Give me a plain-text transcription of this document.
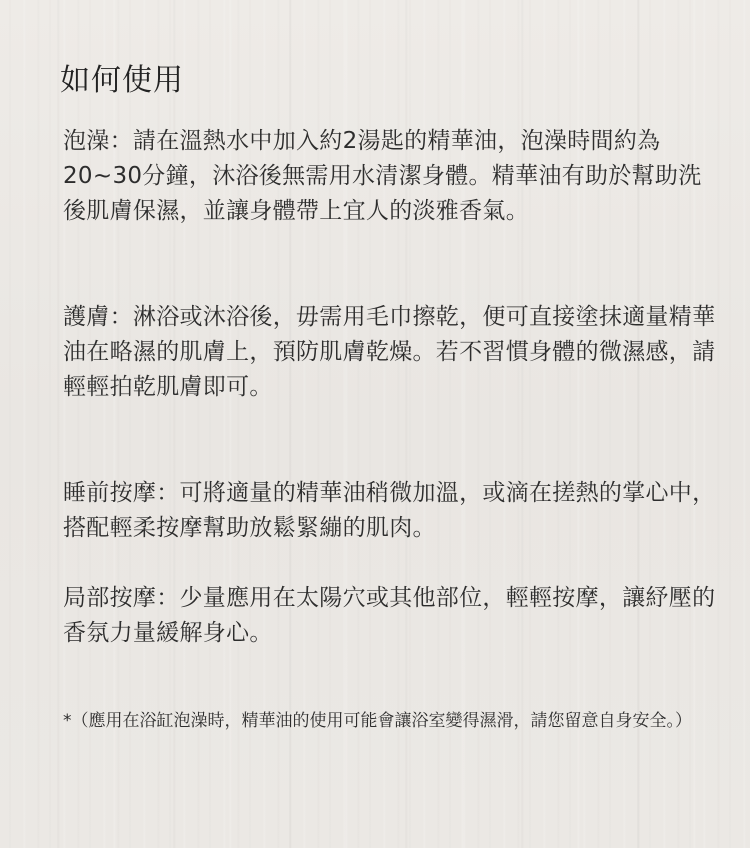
如何使用

泡澡：請在溫熱水中加入約2湯匙的精華油，泡澡時間約為20~30分鐘，沐浴後無需用水清潔身體。精華油有助於幫助洗後肌膚保濕，並讓身體帶上宜人的淡雅香氣。

護膚：淋浴或沐浴後，毋需用毛巾擦乾，便可直接塗抹適量精華油在略濕的肌膚上，預防肌膚乾燥。若不習慣身體的微濕感，請輕輕拍乾肌膚即可。

睡前按摩：可將適量的精華油稍微加溫，或滴在搓熱的掌心中，搭配輕柔按摩幫助放鬆緊繃的肌肉。

局部按摩：少量應用在太陽穴或其他部位，輕輕按摩，讓紓壓的香氛力量緩解身心。

*（應用在浴缸泡澡時，精華油的使用可能會讓浴室變得濕滑，請您留意自身安全。）
